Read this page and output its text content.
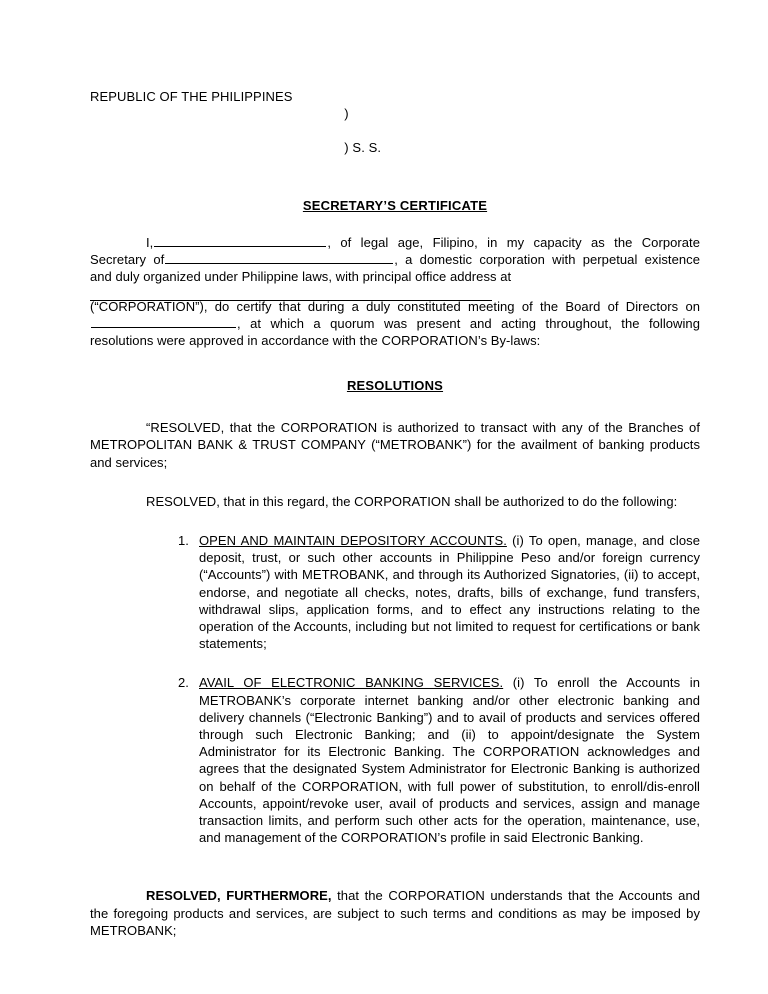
REPUBLIC OF THE PHILIPPINES

)

) S. S.

SECRETARY’S CERTIFICATE

I,	, of legal age, Filipino, in my capacity as the Corporate Secretary of	, a domestic corporation with perpetual existence and duly organized under Philippine laws, with principal office address at

(“CORPORATION”), do certify that during a duly constituted meeting of the Board of Directors on, at which a quorum was present and acting throughout, the following resolutions were approved in accordance with the CORPORATION’s By-laws:

RESOLUTIONS

“RESOLVED, that the CORPORATION is authorized to transact with any of the Branches of METROPOLITAN BANK & TRUST COMPANY (“METROBANK”) for the availment of banking products and services;

RESOLVED, that in this regard, the CORPORATION shall be authorized to do the following:

1. OPEN AND MAINTAIN DEPOSITORY ACCOUNTS. (i) To open, manage, and close deposit, trust, or such other accounts in Philippine Peso and/or foreign currency (“Accounts”) with METROBANK, and through its Authorized Signatories, (ii) to accept, endorse, and negotiate all checks, notes, drafts, bills of exchange, fund transfers, withdrawal slips, application forms, and to effect any instructions relating to the operation of the Accounts, including but not limited to request for certifications or bank statements;
2. AVAIL OF ELECTRONIC BANKING SERVICES. (i) To enroll the Accounts in METROBANK’s corporate internet banking and/or other electronic banking and delivery channels (“Electronic Banking”) and to avail of products and services offered through such Electronic Banking; and (ii) to appoint/designate the System Administrator for its Electronic Banking. The CORPORATION acknowledges and agrees that the designated System Administrator for Electronic Banking is authorized on behalf of the CORPORATION, with full power of substitution, to enroll/dis-enroll Accounts, appoint/revoke user, avail of products and services, assign and manage transaction limits, and perform such other acts for the operation, maintenance, use, and management of the CORPORATION’s profile in said Electronic Banking.

RESOLVED, FURTHERMORE, that the CORPORATION understands that the Accounts and the foregoing products and services, are subject to such terms and conditions as may be imposed by METROBANK;
